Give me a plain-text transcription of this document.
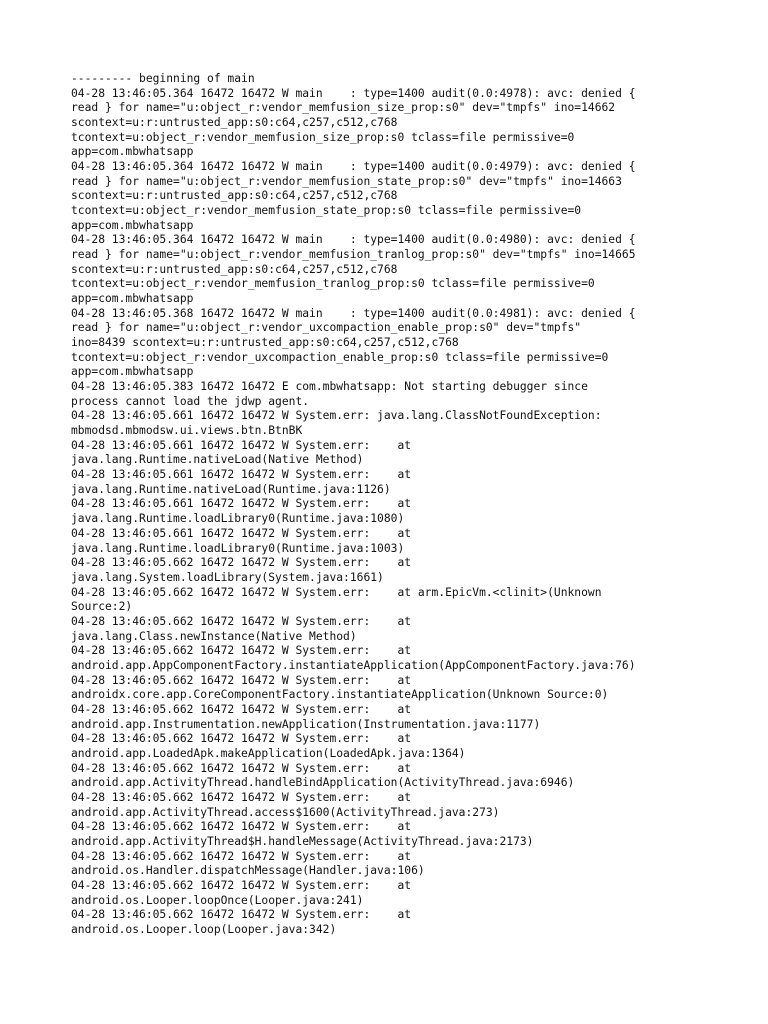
--------- beginning of main
04-28 13:46:05.364 16472 16472 W main    : type=1400 audit(0.0:4978): avc: denied {
read } for name="u:object_r:vendor_memfusion_size_prop:s0" dev="tmpfs" ino=14662
scontext=u:r:untrusted_app:s0:c64,c257,c512,c768
tcontext=u:object_r:vendor_memfusion_size_prop:s0 tclass=file permissive=0
app=com.mbwhatsapp
04-28 13:46:05.364 16472 16472 W main    : type=1400 audit(0.0:4979): avc: denied {
read } for name="u:object_r:vendor_memfusion_state_prop:s0" dev="tmpfs" ino=14663
scontext=u:r:untrusted_app:s0:c64,c257,c512,c768
tcontext=u:object_r:vendor_memfusion_state_prop:s0 tclass=file permissive=0
app=com.mbwhatsapp
04-28 13:46:05.364 16472 16472 W main    : type=1400 audit(0.0:4980): avc: denied {
read } for name="u:object_r:vendor_memfusion_tranlog_prop:s0" dev="tmpfs" ino=14665
scontext=u:r:untrusted_app:s0:c64,c257,c512,c768
tcontext=u:object_r:vendor_memfusion_tranlog_prop:s0 tclass=file permissive=0
app=com.mbwhatsapp
04-28 13:46:05.368 16472 16472 W main    : type=1400 audit(0.0:4981): avc: denied {
read } for name="u:object_r:vendor_uxcompaction_enable_prop:s0" dev="tmpfs"
ino=8439 scontext=u:r:untrusted_app:s0:c64,c257,c512,c768
tcontext=u:object_r:vendor_uxcompaction_enable_prop:s0 tclass=file permissive=0
app=com.mbwhatsapp
04-28 13:46:05.383 16472 16472 E com.mbwhatsapp: Not starting debugger since
process cannot load the jdwp agent.
04-28 13:46:05.661 16472 16472 W System.err: java.lang.ClassNotFoundException:
mbmodsd.mbmodsw.ui.views.btn.BtnBK
04-28 13:46:05.661 16472 16472 W System.err:    at
java.lang.Runtime.nativeLoad(Native Method)
04-28 13:46:05.661 16472 16472 W System.err:    at
java.lang.Runtime.nativeLoad(Runtime.java:1126)
04-28 13:46:05.661 16472 16472 W System.err:    at
java.lang.Runtime.loadLibrary0(Runtime.java:1080)
04-28 13:46:05.661 16472 16472 W System.err:    at
java.lang.Runtime.loadLibrary0(Runtime.java:1003)
04-28 13:46:05.662 16472 16472 W System.err:    at
java.lang.System.loadLibrary(System.java:1661)
04-28 13:46:05.662 16472 16472 W System.err:    at arm.EpicVm.<clinit>(Unknown
Source:2)
04-28 13:46:05.662 16472 16472 W System.err:    at
java.lang.Class.newInstance(Native Method)
04-28 13:46:05.662 16472 16472 W System.err:    at
android.app.AppComponentFactory.instantiateApplication(AppComponentFactory.java:76)
04-28 13:46:05.662 16472 16472 W System.err:    at
androidx.core.app.CoreComponentFactory.instantiateApplication(Unknown Source:0)
04-28 13:46:05.662 16472 16472 W System.err:    at
android.app.Instrumentation.newApplication(Instrumentation.java:1177)
04-28 13:46:05.662 16472 16472 W System.err:    at
android.app.LoadedApk.makeApplication(LoadedApk.java:1364)
04-28 13:46:05.662 16472 16472 W System.err:    at
android.app.ActivityThread.handleBindApplication(ActivityThread.java:6946)
04-28 13:46:05.662 16472 16472 W System.err:    at
android.app.ActivityThread.access$1600(ActivityThread.java:273)
04-28 13:46:05.662 16472 16472 W System.err:    at
android.app.ActivityThread$H.handleMessage(ActivityThread.java:2173)
04-28 13:46:05.662 16472 16472 W System.err:    at
android.os.Handler.dispatchMessage(Handler.java:106)
04-28 13:46:05.662 16472 16472 W System.err:    at
android.os.Looper.loopOnce(Looper.java:241)
04-28 13:46:05.662 16472 16472 W System.err:    at
android.os.Looper.loop(Looper.java:342)
